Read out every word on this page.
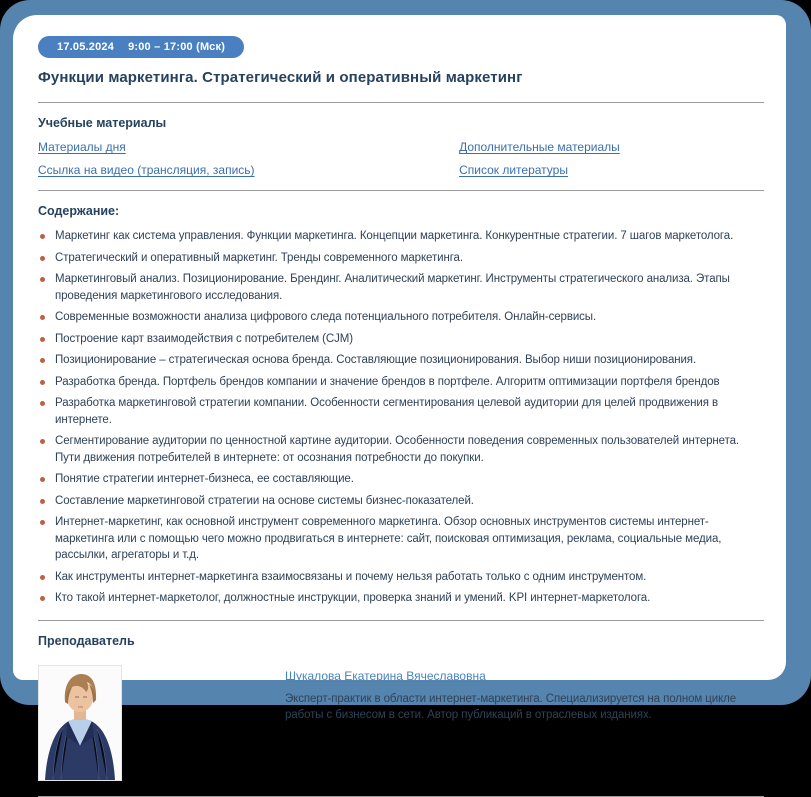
17.05.2024 9:00 – 17:00 (Мск)
Функции маркетинга. Стратегический и оперативный маркетинг
Учебные материалы
Материалы дня	Дополнительные материалы
Ссылка на видео (трансляция, запись)	Список литературы
Содержание:
Маркетинг как система управления. Функции маркетинга. Концепции маркетинга. Конкурентные стратегии. 7 шагов маркетолога.
Стратегический и оперативный маркетинг. Тренды современного маркетинга.
Маркетинговый анализ. Позиционирование. Брендинг. Аналитический маркетинг. Инструменты стратегического анализа. Этапы проведения маркетингового исследования.
Современные возможности анализа цифрового следа потенциального потребителя. Онлайн-сервисы.
Построение карт взаимодействия с потребителем (CJM)
Позиционирование – стратегическая основа бренда. Составляющие позиционирования. Выбор ниши позиционирования.
Разработка бренда. Портфель брендов компании и значение брендов в портфеле. Алгоритм оптимизации портфеля брендов
Разработка маркетинговой стратегии компании. Особенности сегментирования целевой аудитории для целей продвижения в интернете.
Сегментирование аудитории по ценностной картине аудитории. Особенности поведения современных пользователей интернета. Пути движения потребителей в интернете: от осознания потребности до покупки.
Понятие стратегии интернет-бизнеса, ее составляющие.
Составление маркетинговой стратегии на основе системы бизнес-показателей.
Интернет-маркетинг, как основной инструмент современного маркетинга. Обзор основных инструментов системы интернет-маркетинга или с помощью чего можно продвигаться в интернете: сайт, поисковая оптимизация, реклама, социальные медиа, рассылки, агрегаторы и т.д.
Как инструменты интернет-маркетинга взаимосвязаны и почему нельзя работать только с одним инструментом.
Кто такой интернет-маркетолог, должностные инструкции, проверка знаний и умений. KPI интернет-маркетолога.
Преподаватель
Шукалова Екатерина Вячеславовна

Эксперт-практик в области интернет-маркетинга. Специализируется на полном цикле работы с бизнесом в сети. Автор публикаций в отраслевых изданиях.
